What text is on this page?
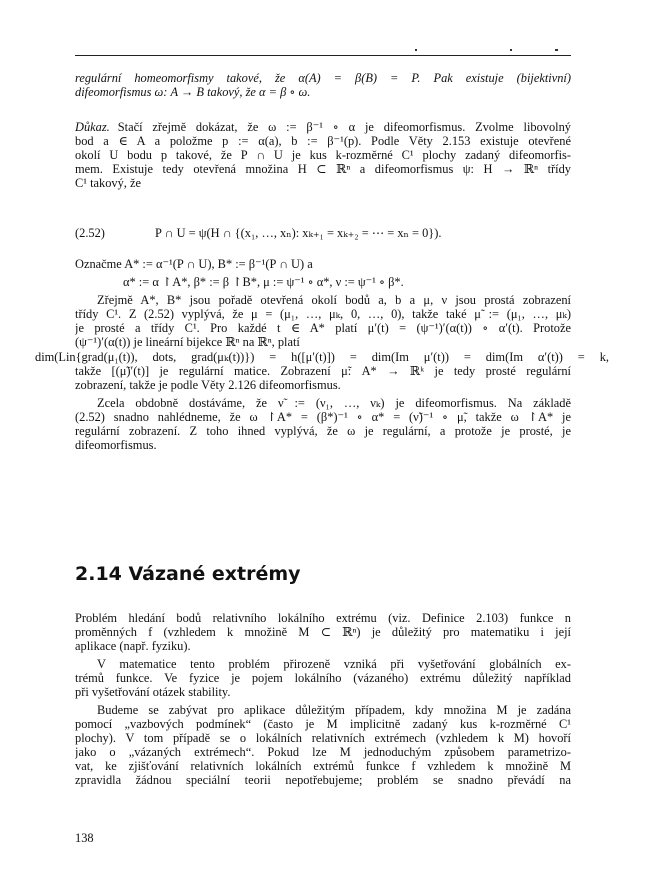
regulární homeomorfismy takové, že α(A) = β(B) = P. Pak existuje (bijektivní)
difeomorfismus ω: A → B takový, že α = β ∘ ω.
Důkaz. Stačí zřejmě dokázat, že ω := β⁻¹ ∘ α je difeomorfismus. Zvolme libovolný
bod a ∈ A a položme p := α(a), b := β⁻¹(p). Podle Věty 2.153 existuje otevřené
okolí U bodu p takové, že P ∩ U je kus k-rozměrné C¹ plochy zadaný difeomorfis-
mem. Existuje tedy otevřená množina H ⊂ ℝⁿ a difeomorfismus ψ: H → ℝⁿ třídy
C¹ takový, že
(2.52)	P ∩ U = ψ(H ∩ {(x₁, …, xₙ): xₖ₊₁ = xₖ₊₂ = ⋯ = xₙ = 0}).
Označme A* := α⁻¹(P ∩ U), B* := β⁻¹(P ∩ U) a
α* := α ↾A*, β* := β ↾B*, μ := ψ⁻¹ ∘ α*, ν := ψ⁻¹ ∘ β*.
Zřejmě A*, B* jsou pořadě otevřená okolí bodů a, b a μ, ν jsou prostá zobrazení
třídy C¹. Z (2.52) vyplývá, že μ = (μ₁, …, μₖ, 0, …, 0), takže také μ̃ := (μ₁, …, μₖ)
je prosté a třídy C¹. Pro každé t ∈ A* platí μ′(t) = (ψ⁻¹)′(α(t)) ∘ α′(t). Protože
(ψ⁻¹)′(α(t)) je lineární bijekce ℝⁿ na ℝⁿ, platí
dim(Lin{grad(μ₁(t)), dots, grad(μₖ(t))}) = h([μ′(t)]) = dim(Im μ′(t)) = dim(Im α′(t)) = k,
takže [(μ̃)′(t)] je regulární matice. Zobrazení μ̃: A* → ℝᵏ je tedy prosté regulární
zobrazení, takže je podle Věty 2.126 difeomorfismus.
Zcela obdobně dostáváme, že ν̃ := (ν₁, …, νₖ) je difeomorfismus. Na základě
(2.52) snadno nahlédneme, že ω ↾A* = (β*)⁻¹ ∘ α* = (ν̃)⁻¹ ∘ μ̃, takže ω ↾A* je
regulární zobrazení. Z toho ihned vyplývá, že ω je regulární, a protože je prosté, je
difeomorfismus.
Problém hledání bodů relativního lokálního extrému (viz. Definice 2.103) funkce n
proměnných f (vzhledem k množině M ⊂ ℝⁿ) je důležitý pro matematiku i její
aplikace (např. fyziku).
V matematice tento problém přirozeně vzniká při vyšetřování globálních ex-
trémů funkce. Ve fyzice je pojem lokálního (vázaného) extrému důležitý například
při vyšetřování otázek stability.
Budeme se zabývat pro aplikace důležitým případem, kdy množina M je zadána
pomocí „vazbových podmínek“ (často je M implicitně zadaný kus k-rozměrné C¹
plochy). V tom případě se o lokálních relativních extrémech (vzhledem k M) hovoří
jako o „vázaných extrémech“. Pokud lze M jednoduchým způsobem parametrizo-
vat, ke zjišťování relativních lokálních extrémů funkce f vzhledem k množině M
zpravidla žádnou speciální teorii nepotřebujeme; problém se snadno převádí na
2.14 Vázané extrémy
138
